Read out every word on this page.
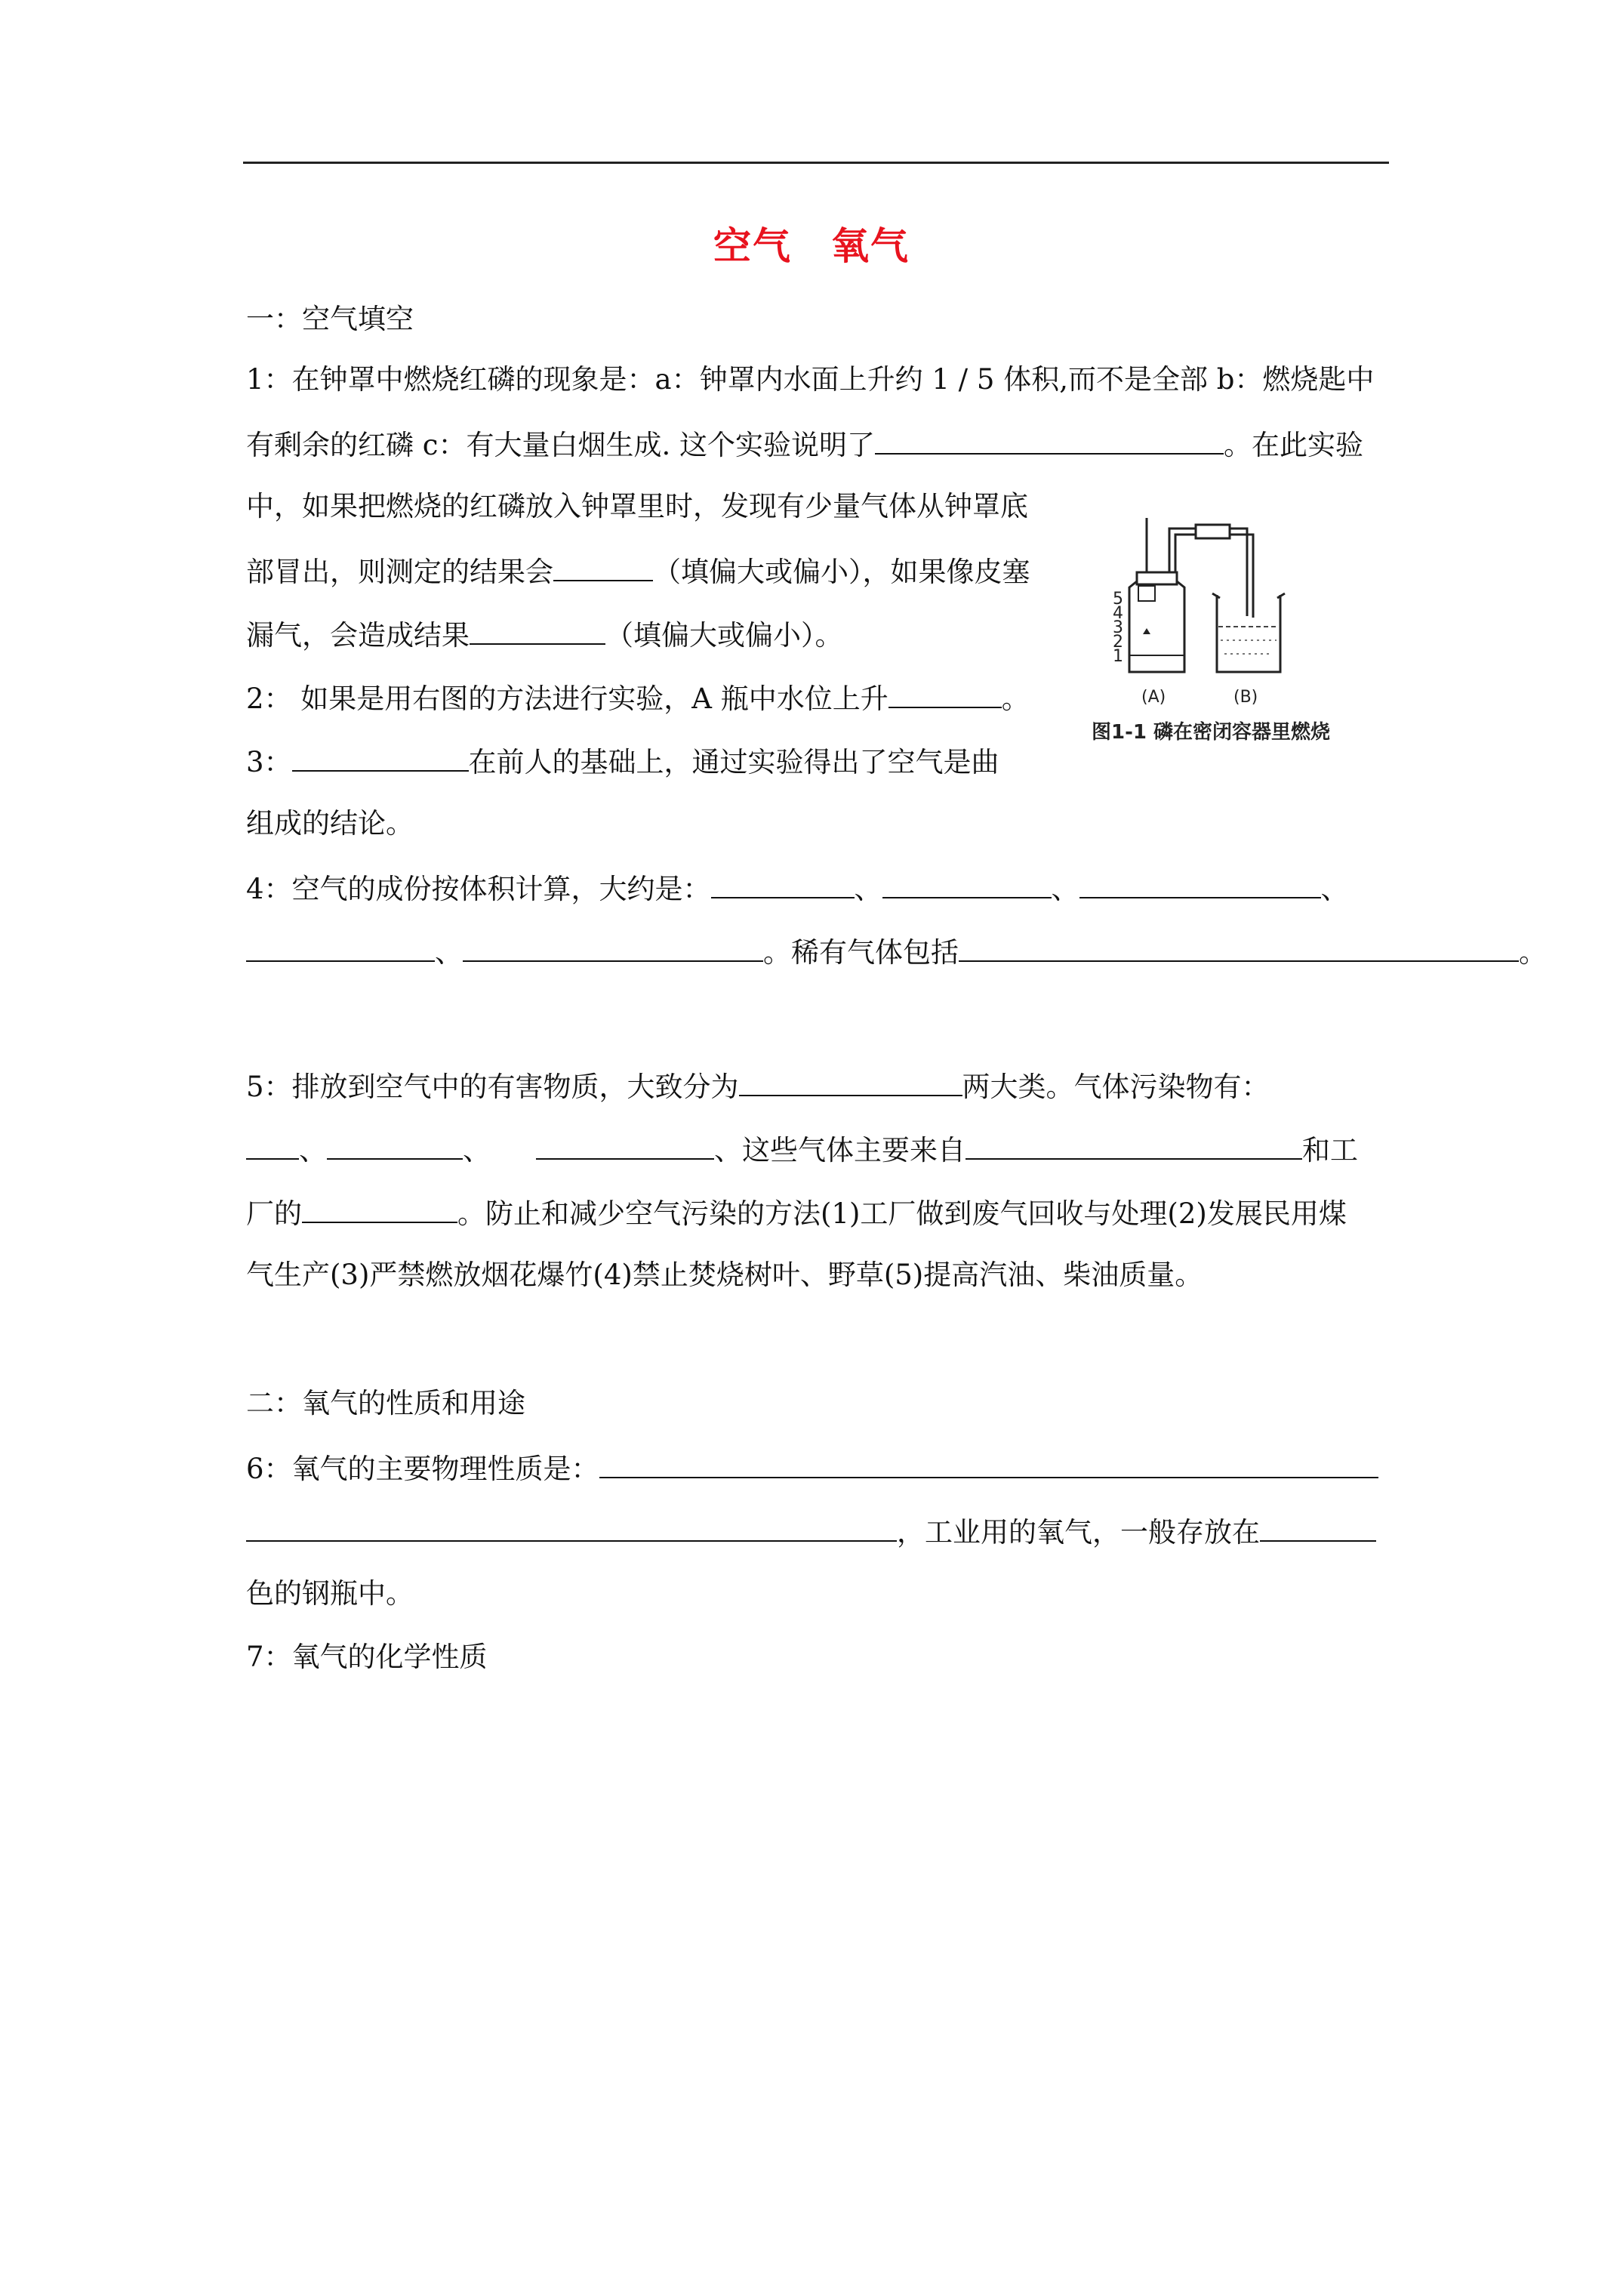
空气　氧气
一：空气填空
1：在钟罩中燃烧红磷的现象是：a：钟罩内水面上升约 1 / 5 体积,而不是全部 b：燃烧匙中
有剩余的红磷 c：有大量白烟生成. 这个实验说明了	。在此实验
中，如果把燃烧的红磷放入钟罩里时，发现有少量气体从钟罩底
部冒出，则测定的结果会	（填偏大或偏小），如果像皮塞
漏气，会造成结果	（填偏大或偏小）。
2： 如果是用右图的方法进行实验，A 瓶中水位上升	。
3：	在前人的基础上，通过实验得出了空气是曲
组成的结论。
4：空气的成份按体积计算，大约是：	、	、	、
、	。稀有气体包括	。
5：排放到空气中的有害物质，大致分为	两大类。气体污染物有：
、	、	、这些气体主要来自	和工
厂的	。防止和减少空气污染的方法(1)工厂做到废气回收与处理(2)发展民用煤
气生产(3)严禁燃放烟花爆竹(4)禁止焚烧树叶、野草(5)提高汽油、柴油质量。
二：氧气的性质和用途
6：氧气的主要物理性质是：
，工业用的氧气，一般存放在
色的钢瓶中。
7：氧气的化学性质
5
4
3
2
1
(A)	(B)
图1-1 磷在密闭容器里燃烧
